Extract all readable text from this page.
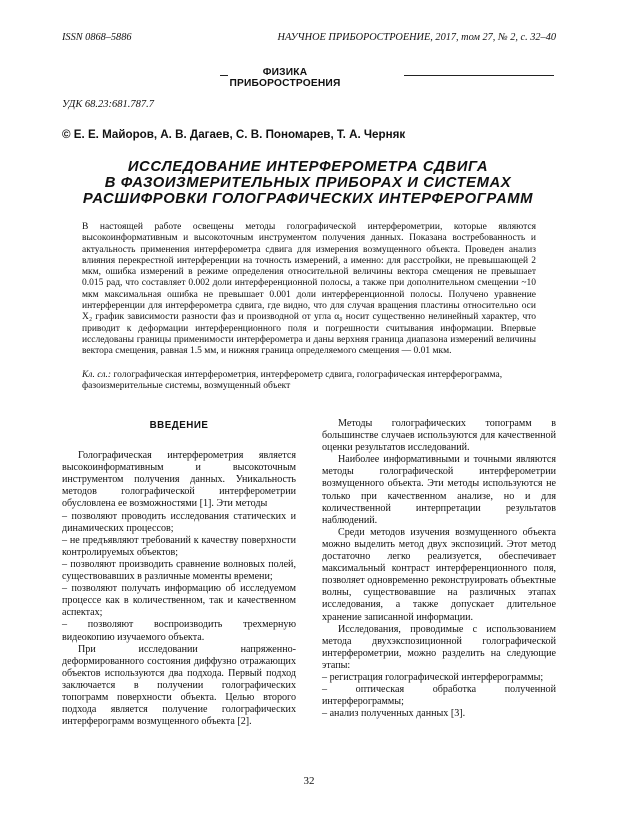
ISSN 0868–5886	НАУЧНОЕ ПРИБОРОСТРОЕНИЕ, 2017, том 27, № 2, с. 32–40
ФИЗИКА ПРИБОРОСТРОЕНИЯ
УДК 68.23:681.787.7
© Е. Е. Майоров, А. В. Дагаев, С. В. Пономарев, Т. А. Черняк
ИССЛЕДОВАНИЕ ИНТЕРФЕРОМЕТРА СДВИГА
В ФАЗОИЗМЕРИТЕЛЬНЫХ ПРИБОРАХ И СИСТЕМАХ
РАСШИФРОВКИ ГОЛОГРАФИЧЕСКИХ ИНТЕРФЕРОГРАММ
В настоящей работе освещены методы голографической интерферометрии, которые являются высокоинформативным и высокоточным инструментом получения данных. Показана востребованность и актуальность применения интерферометра сдвига для измерения возмущенного объекта. Проведен анализ влияния перекрестной интерференции на точность измерений, а именно: для расстройки, не превышающей 2 мкм, ошибка измерений в режиме определения относительной величины вектора смещения не превышает 0.015 рад, что составляет 0.002 доли интерференционной полосы, а также при дополнительном смещении ~10 мкм максимальная ошибка не превышает 0.001 доли интерференционной полосы. Получено уравнение интерференции для интерферометра сдвига, где видно, что для случая вращения пластины относительно оси X₂ график зависимости разности фаз и производной от угла α₀ носит существенно нелинейный характер, что приводит к деформации интерференционного поля и погрешности считывания информации. Впервые исследованы границы применимости интерферометра и даны верхняя граница диапазона измерений величины вектора смещения, равная 1.5 мм, и нижняя граница определяемого смещения — 0.01 мкм.
Кл. сл.: голографическая интерферометрия, интерферометр сдвига, голографическая интерферограмма, фазоизмерительные системы, возмущенный объект

ВВЕДЕНИЕ

Голографическая интерферометрия является высокоинформативным и высокоточным инструментом получения данных. Уникальность методов голографической интерферометрии обусловлена ее возможностями [1]. Эти методы

– позволяют проводить исследования статических и динамических процессов;

– не предъявляют требований к качеству поверхности контролируемых объектов;

– позволяют производить сравнение волновых полей, существовавших в различные моменты времени;

– позволяют получать информацию об исследуемом процессе как в количественном, так и качественном аспектах;

– позволяют воспроизводить трехмерную видеокопию изучаемого объекта.

При исследовании напряженно-деформированного состояния диффузно отражающих объектов используются два подхода. Первый подход заключается в получении голографических топограмм поверхности объекта. Целью второго подхода является получение голографических интерферограмм возмущенного объекта [2].

Методы голографических топограмм в большинстве случаев используются для качественной оценки результатов исследований.

Наиболее информативными и точными являются методы голографической интерферометрии возмущенного объекта. Эти методы используются не только при качественном анализе, но и для количественной интерпретации результатов наблюдений.

Среди методов изучения возмущенного объекта можно выделить метод двух экспозиций. Этот метод достаточно легко реализуется, обеспечивает максимальный контраст интерференционного поля, позволяет одновременно реконструировать объектные волны, существовавшие на различных этапах исследования, а также допускает длительное хранение записанной информации.

Исследования, проводимые с использованием метода двухэкспозиционной голографической интерферометрии, можно разделить на следующие этапы:

– регистрация голографической интерферограммы;

– оптическая обработка полученной интерферограммы;

– анализ полученных данных [3].

32
